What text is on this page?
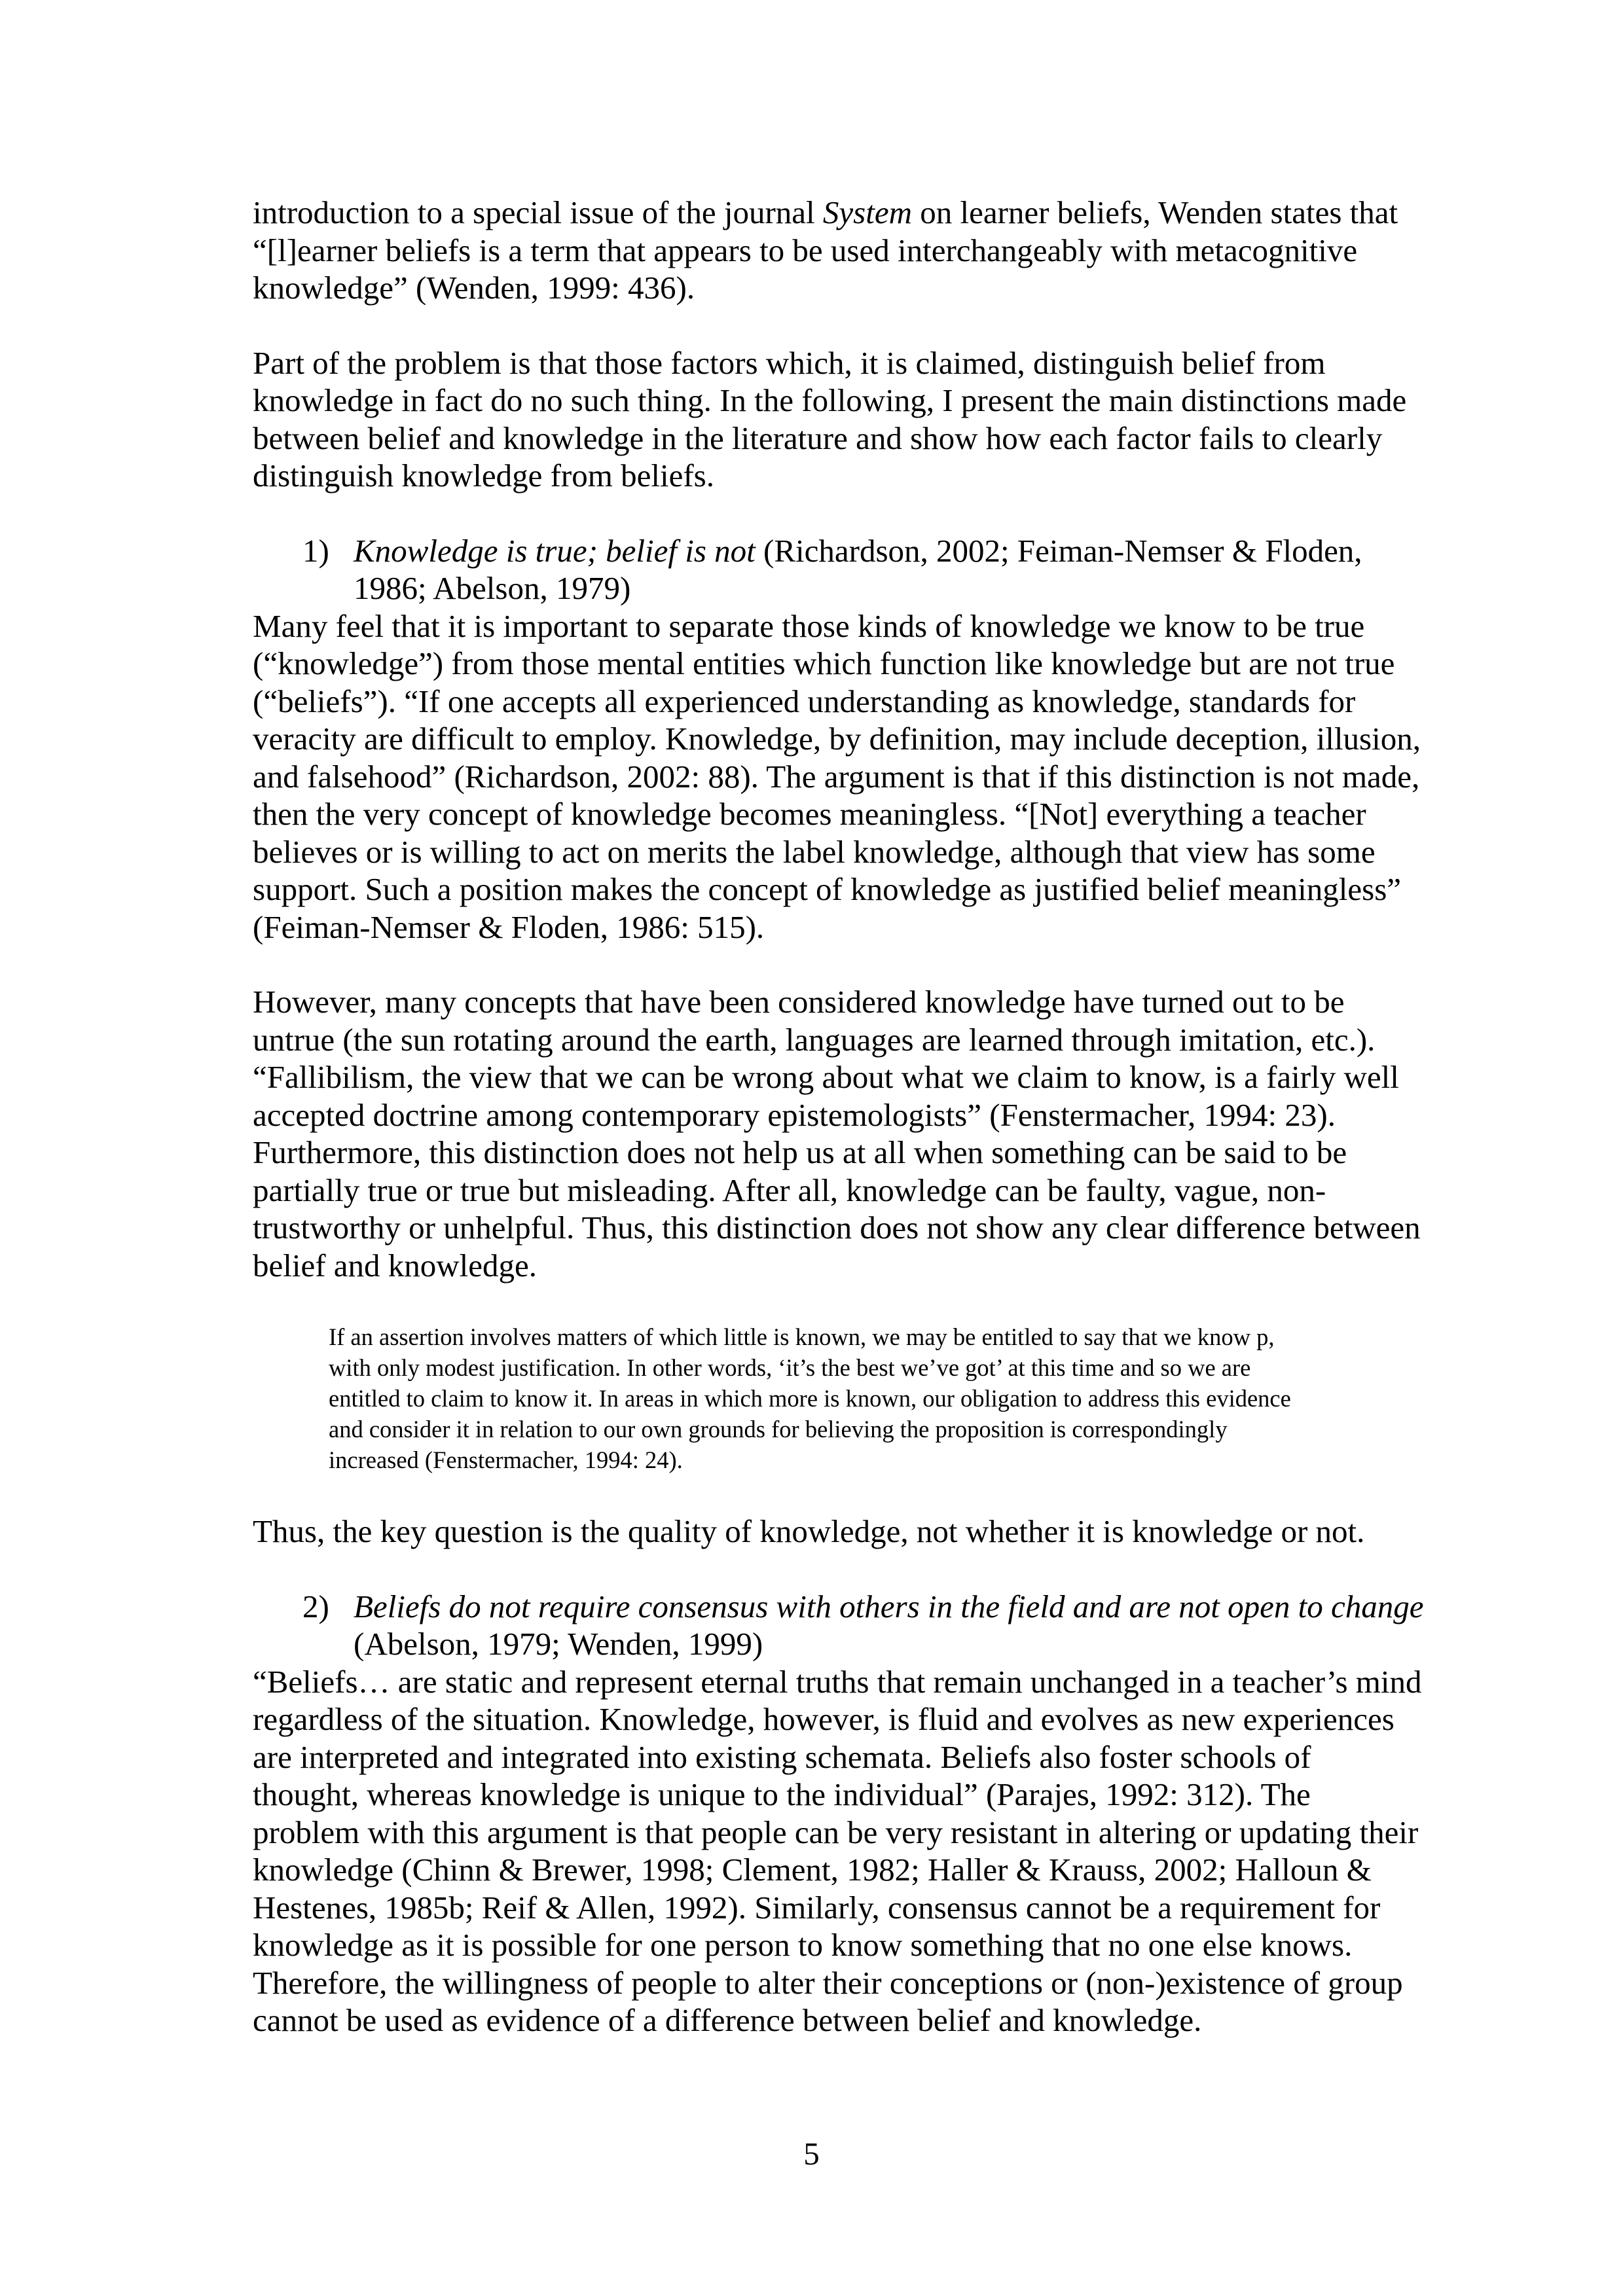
introduction to a special issue of the journal System on learner beliefs, Wenden states that “[l]earner beliefs is a term that appears to be used interchangeably with metacognitive knowledge” (Wenden, 1999: 436).

Part of the problem is that those factors which, it is claimed, distinguish belief from knowledge in fact do no such thing. In the following, I present the main distinctions made between belief and knowledge in the literature and show how each factor fails to clearly distinguish knowledge from beliefs.

1) Knowledge is true; belief is not (Richardson, 2002; Feiman-Nemser & Floden, 1986; Abelson, 1979)

Many feel that it is important to separate those kinds of knowledge we know to be true (“knowledge”) from those mental entities which function like knowledge but are not true (“beliefs”). “If one accepts all experienced understanding as knowledge, standards for veracity are difficult to employ. Knowledge, by definition, may include deception, illusion, and falsehood” (Richardson, 2002: 88). The argument is that if this distinction is not made, then the very concept of knowledge becomes meaningless. “[Not] everything a teacher believes or is willing to act on merits the label knowledge, although that view has some support. Such a position makes the concept of knowledge as justified belief meaningless” (Feiman-Nemser & Floden, 1986: 515).

However, many concepts that have been considered knowledge have turned out to be untrue (the sun rotating around the earth, languages are learned through imitation, etc.). “Fallibilism, the view that we can be wrong about what we claim to know, is a fairly well accepted doctrine among contemporary epistemologists” (Fenstermacher, 1994: 23). Furthermore, this distinction does not help us at all when something can be said to be partially true or true but misleading. After all, knowledge can be faulty, vague, non-trustworthy or unhelpful. Thus, this distinction does not show any clear difference between belief and knowledge.

If an assertion involves matters of which little is known, we may be entitled to say that we know p, with only modest justification. In other words, ‘it’s the best we’ve got’ at this time and so we are entitled to claim to know it. In areas in which more is known, our obligation to address this evidence and consider it in relation to our own grounds for believing the proposition is correspondingly increased (Fenstermacher, 1994: 24).

Thus, the key question is the quality of knowledge, not whether it is knowledge or not.

2) Beliefs do not require consensus with others in the field and are not open to change (Abelson, 1979; Wenden, 1999)

“Beliefs… are static and represent eternal truths that remain unchanged in a teacher’s mind regardless of the situation. Knowledge, however, is fluid and evolves as new experiences are interpreted and integrated into existing schemata. Beliefs also foster schools of thought, whereas knowledge is unique to the individual” (Parajes, 1992: 312). The problem with this argument is that people can be very resistant in altering or updating their knowledge (Chinn & Brewer, 1998; Clement, 1982; Haller & Krauss, 2002; Halloun & Hestenes, 1985b; Reif & Allen, 1992). Similarly, consensus cannot be a requirement for knowledge as it is possible for one person to know something that no one else knows. Therefore, the willingness of people to alter their conceptions or (non-)existence of group cannot be used as evidence of a difference between belief and knowledge.

5
